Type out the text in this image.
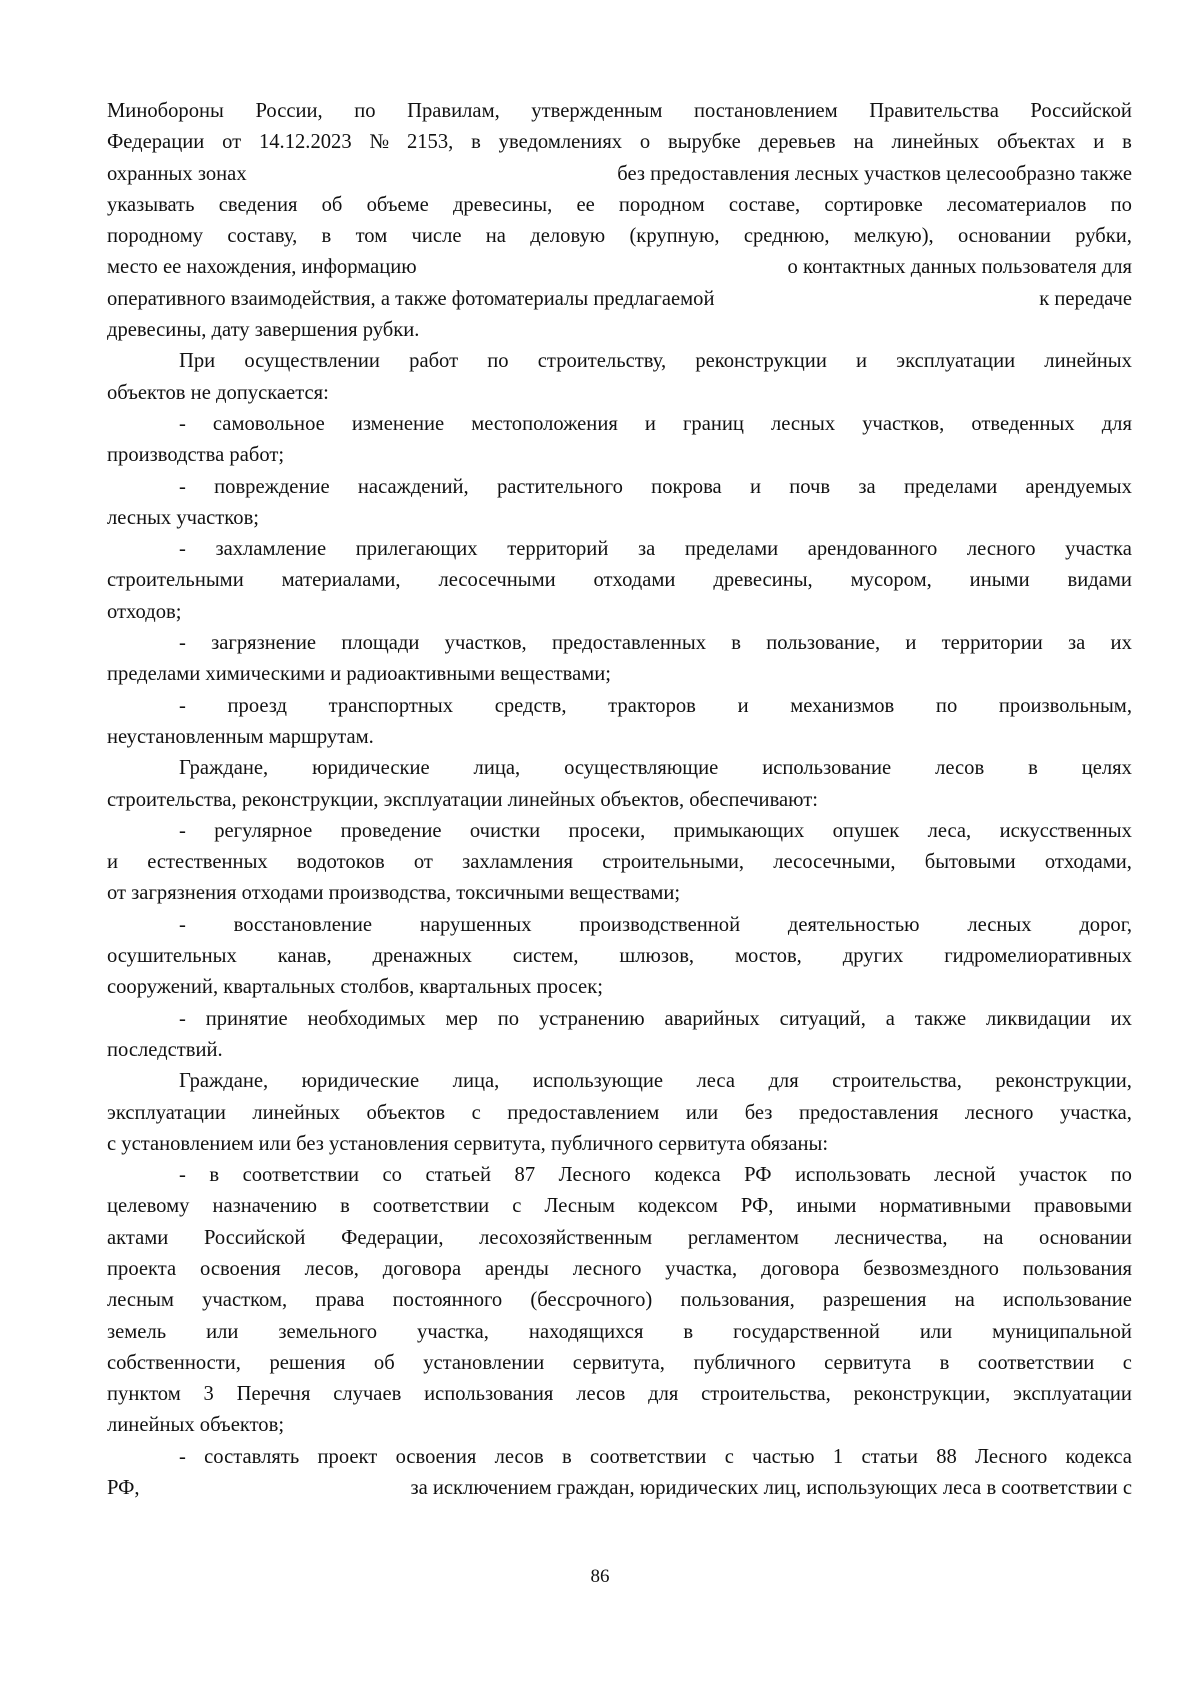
Минобороны России, по Правилам, утвержденным постановлением Правительства Российской
Федерации от 14.12.2023 № 2153, в уведомлениях о вырубке деревьев на линейных объектах и в
охранных зонах	без предоставления лесных участков целесообразно также
указывать сведения об объеме древесины, ее породном составе, сортировке лесоматериалов по
породному составу, в том числе на деловую (крупную, среднюю, мелкую), основании рубки,
место ее нахождения, информацию	о контактных данных пользователя для
оперативного взаимодействия, а также фотоматериалы предлагаемой	к передаче
древесины, дату завершения рубки.
При осуществлении работ по строительству, реконструкции и эксплуатации линейных
объектов не допускается:
- самовольное изменение местоположения и границ лесных участков, отведенных для
производства работ;
- повреждение насаждений, растительного покрова и почв за пределами арендуемых
лесных участков;
- захламление прилегающих территорий за пределами арендованного лесного участка
строительными материалами, лесосечными отходами древесины, мусором, иными видами
отходов;
- загрязнение площади участков, предоставленных в пользование, и территории за их
пределами химическими и радиоактивными веществами;
- проезд транспортных средств, тракторов и механизмов по произвольным,
неустановленным маршрутам.
Граждане, юридические лица, осуществляющие использование лесов в целях
строительства, реконструкции, эксплуатации линейных объектов, обеспечивают:
- регулярное проведение очистки просеки, примыкающих опушек леса, искусственных
и естественных водотоков от захламления строительными, лесосечными, бытовыми отходами,
от загрязнения отходами производства, токсичными веществами;
- восстановление нарушенных производственной деятельностью лесных дорог,
осушительных канав, дренажных систем, шлюзов, мостов, других гидромелиоративных
сооружений, квартальных столбов, квартальных просек;
- принятие необходимых мер по устранению аварийных ситуаций, а также ликвидации их
последствий.
Граждане, юридические лица, использующие леса для строительства, реконструкции,
эксплуатации линейных объектов с предоставлением или без предоставления лесного участка,
с установлением или без установления сервитута, публичного сервитута обязаны:
- в соответствии со статьей 87 Лесного кодекса РФ использовать лесной участок по
целевому назначению в соответствии с Лесным кодексом РФ, иными нормативными правовыми
актами Российской Федерации, лесохозяйственным регламентом лесничества, на основании
проекта освоения лесов, договора аренды лесного участка, договора безвозмездного пользования
лесным участком, права постоянного (бессрочного) пользования, разрешения на использование
земель или земельного участка, находящихся в государственной или муниципальной
собственности, решения об установлении сервитута, публичного сервитута в соответствии с
пунктом 3 Перечня случаев использования лесов для строительства, реконструкции, эксплуатации
линейных объектов;
- составлять проект освоения лесов в соответствии с частью 1 статьи 88 Лесного кодекса
РФ,	за исключением граждан, юридических лиц, использующих леса в соответствии с
86
